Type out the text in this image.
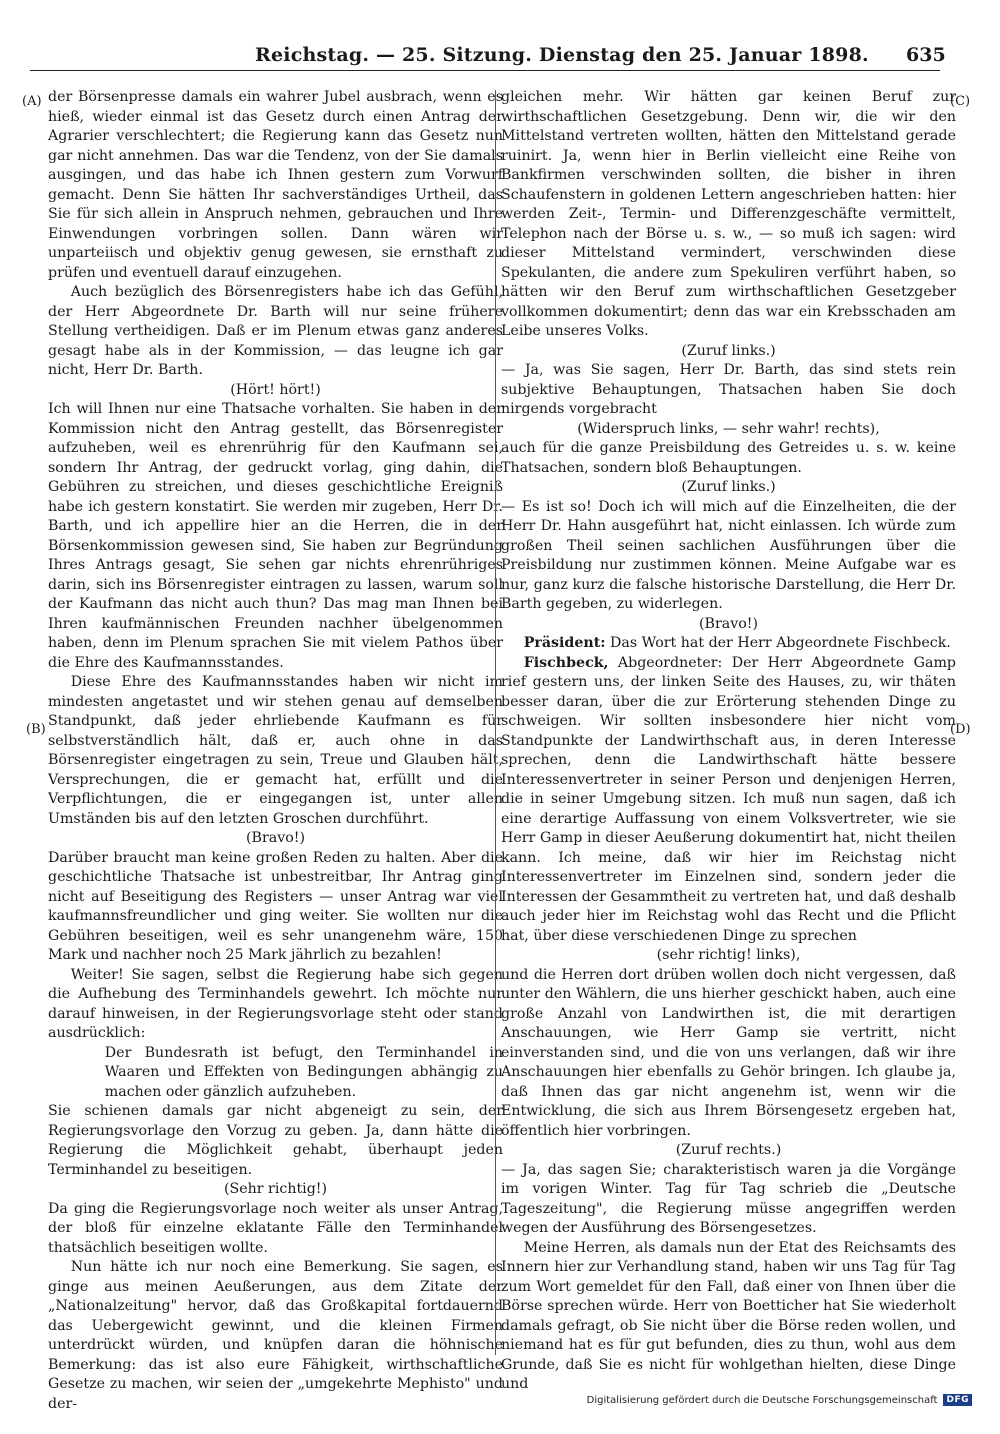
Reichstag. — 25. Sitzung. Dienstag den 25. Januar 1898. 635
(A)
(B)
(C)
(D)

der Börsenpresse damals ein wahrer Jubel ausbrach, wenn es hieß, wieder einmal ist das Gesetz durch einen Antrag der Agrarier verschlechtert; die Regierung kann das Gesetz nun gar nicht annehmen. Das war die Tendenz, von der Sie damals ausgingen, und das habe ich Ihnen gestern zum Vorwurf gemacht. Denn Sie hätten Ihr sachverständiges Urtheil, das Sie für sich allein in Anspruch nehmen, gebrauchen und Ihre Einwendungen vorbringen sollen. Dann wären wir unparteiisch und objektiv genug gewesen, sie ernsthaft zu prüfen und eventuell darauf einzugehen.

Auch bezüglich des Börsenregisters habe ich das Gefühl, der Herr Abgeordnete Dr. Barth will nur seine frühere Stellung vertheidigen. Daß er im Plenum etwas ganz anderes gesagt habe als in der Kommission, — das leugne ich gar nicht, Herr Dr. Barth.

(Hört! hört!)

Ich will Ihnen nur eine Thatsache vorhalten. Sie haben in der Kommission nicht den Antrag gestellt, das Börsenregister aufzuheben, weil es ehrenrührig für den Kaufmann sei, sondern Ihr Antrag, der gedruckt vorlag, ging dahin, die Gebühren zu streichen, und dieses geschichtliche Ereigniß habe ich gestern konstatirt. Sie werden mir zugeben, Herr Dr. Barth, und ich appellire hier an die Herren, die in der Börsenkommission gewesen sind, Sie haben zur Begründung Ihres Antrags gesagt, Sie sehen gar nichts ehrenrühriges darin, sich ins Börsenregister eintragen zu lassen, warum soll der Kaufmann das nicht auch thun? Das mag man Ihnen bei Ihren kaufmännischen Freunden nachher übelgenommen haben, denn im Plenum sprachen Sie mit vielem Pathos über die Ehre des Kaufmannsstandes.

Diese Ehre des Kaufmannsstandes haben wir nicht im mindesten angetastet und wir stehen genau auf demselben Standpunkt, daß jeder ehrliebende Kaufmann es für selbstverständlich hält, daß er, auch ohne in das Börsenregister eingetragen zu sein, Treue und Glauben hält, Versprechungen, die er gemacht hat, erfüllt und die Verpflichtungen, die er eingegangen ist, unter allen Umständen bis auf den letzten Groschen durchführt.

(Bravo!)

Darüber braucht man keine großen Reden zu halten. Aber die geschichtliche Thatsache ist unbestreitbar, Ihr Antrag ging nicht auf Beseitigung des Registers — unser Antrag war viel kaufmannsfreundlicher und ging weiter. Sie wollten nur die Gebühren beseitigen, weil es sehr unangenehm wäre, 150 Mark und nachher noch 25 Mark jährlich zu bezahlen!

Weiter! Sie sagen, selbst die Regierung habe sich gegen die Aufhebung des Terminhandels gewehrt. Ich möchte nur darauf hinweisen, in der Regierungsvorlage steht oder stand ausdrücklich:

Der Bundesrath ist befugt, den Terminhandel in Waaren und Effekten von Bedingungen abhängig zu machen oder gänzlich aufzuheben.

Sie schienen damals gar nicht abgeneigt zu sein, der Regierungsvorlage den Vorzug zu geben. Ja, dann hätte die Regierung die Möglichkeit gehabt, überhaupt jeden Terminhandel zu beseitigen.

(Sehr richtig!)

Da ging die Regierungsvorlage noch weiter als unser Antrag, der bloß für einzelne eklatante Fälle den Terminhandel thatsächlich beseitigen wollte.

Nun hätte ich nur noch eine Bemerkung. Sie sagen, es ginge aus meinen Aeußerungen, aus dem Zitate der „Nationalzeitung" hervor, daß das Großkapital fortdauernd das Uebergewicht gewinnt, und die kleinen Firmen unterdrückt würden, und knüpfen daran die höhnische Bemerkung: das ist also eure Fähigkeit, wirthschaftliche Gesetze zu machen, wir seien der „umgekehrte Mephisto" und der-

gleichen mehr. Wir hätten gar keinen Beruf zur wirthschaftlichen Gesetzgebung. Denn wir, die wir den Mittelstand vertreten wollten, hätten den Mittelstand gerade ruinirt. Ja, wenn hier in Berlin vielleicht eine Reihe von Bankfirmen verschwinden sollten, die bisher in ihren Schaufenstern in goldenen Lettern angeschrieben hatten: hier werden Zeit-, Termin- und Differenzgeschäfte vermittelt, Telephon nach der Börse u. s. w., — so muß ich sagen: wird dieser Mittelstand vermindert, verschwinden diese Spekulanten, die andere zum Spekuliren verführt haben, so hätten wir den Beruf zum wirthschaftlichen Gesetzgeber vollkommen dokumentirt; denn das war ein Krebsschaden am Leibe unseres Volks.

(Zuruf links.)

— Ja, was Sie sagen, Herr Dr. Barth, das sind stets rein subjektive Behauptungen, Thatsachen haben Sie doch nirgends vorgebracht

(Widerspruch links, — sehr wahr! rechts),

auch für die ganze Preisbildung des Getreides u. s. w. keine Thatsachen, sondern bloß Behauptungen.

(Zuruf links.)

— Es ist so! Doch ich will mich auf die Einzelheiten, die der Herr Dr. Hahn ausgeführt hat, nicht einlassen. Ich würde zum großen Theil seinen sachlichen Ausführungen über die Preisbildung nur zustimmen können. Meine Aufgabe war es nur, ganz kurz die falsche historische Darstellung, die Herr Dr. Barth gegeben, zu widerlegen.

(Bravo!)

Präsident: Das Wort hat der Herr Abgeordnete Fischbeck.

Fischbeck, Abgeordneter: Der Herr Abgeordnete Gamp rief gestern uns, der linken Seite des Hauses, zu, wir thäten besser daran, über die zur Erörterung stehenden Dinge zu schweigen. Wir sollten insbesondere hier nicht vom Standpunkte der Landwirthschaft aus, in deren Interesse sprechen, denn die Landwirthschaft hätte bessere Interessenvertreter in seiner Person und denjenigen Herren, die in seiner Umgebung sitzen. Ich muß nun sagen, daß ich eine derartige Auffassung von einem Volksvertreter, wie sie Herr Gamp in dieser Aeußerung dokumentirt hat, nicht theilen kann. Ich meine, daß wir hier im Reichstag nicht Interessenvertreter im Einzelnen sind, sondern jeder die Interessen der Gesammtheit zu vertreten hat, und daß deshalb auch jeder hier im Reichstag wohl das Recht und die Pflicht hat, über diese verschiedenen Dinge zu sprechen

(sehr richtig! links),

und die Herren dort drüben wollen doch nicht vergessen, daß unter den Wählern, die uns hierher geschickt haben, auch eine große Anzahl von Landwirthen ist, die mit derartigen Anschauungen, wie Herr Gamp sie vertritt, nicht einverstanden sind, und die von uns verlangen, daß wir ihre Anschauungen hier ebenfalls zu Gehör bringen. Ich glaube ja, daß Ihnen das gar nicht angenehm ist, wenn wir die Entwicklung, die sich aus Ihrem Börsengesetz ergeben hat, öffentlich hier vorbringen.

(Zuruf rechts.)

— Ja, das sagen Sie; charakteristisch waren ja die Vorgänge im vorigen Winter. Tag für Tag schrieb die „Deutsche Tageszeitung", die Regierung müsse angegriffen werden wegen der Ausführung des Börsengesetzes.

Meine Herren, als damals nun der Etat des Reichsamts des Innern hier zur Verhandlung stand, haben wir uns Tag für Tag zum Wort gemeldet für den Fall, daß einer von Ihnen über die Börse sprechen würde. Herr von Boetticher hat Sie wiederholt damals gefragt, ob Sie nicht über die Börse reden wollen, und niemand hat es für gut befunden, dies zu thun, wohl aus dem Grunde, daß Sie es nicht für wohlgethan hielten, diese Dinge und

Digitalisierung gefördert durch die Deutsche Forschungsgemeinschaft	DFG
